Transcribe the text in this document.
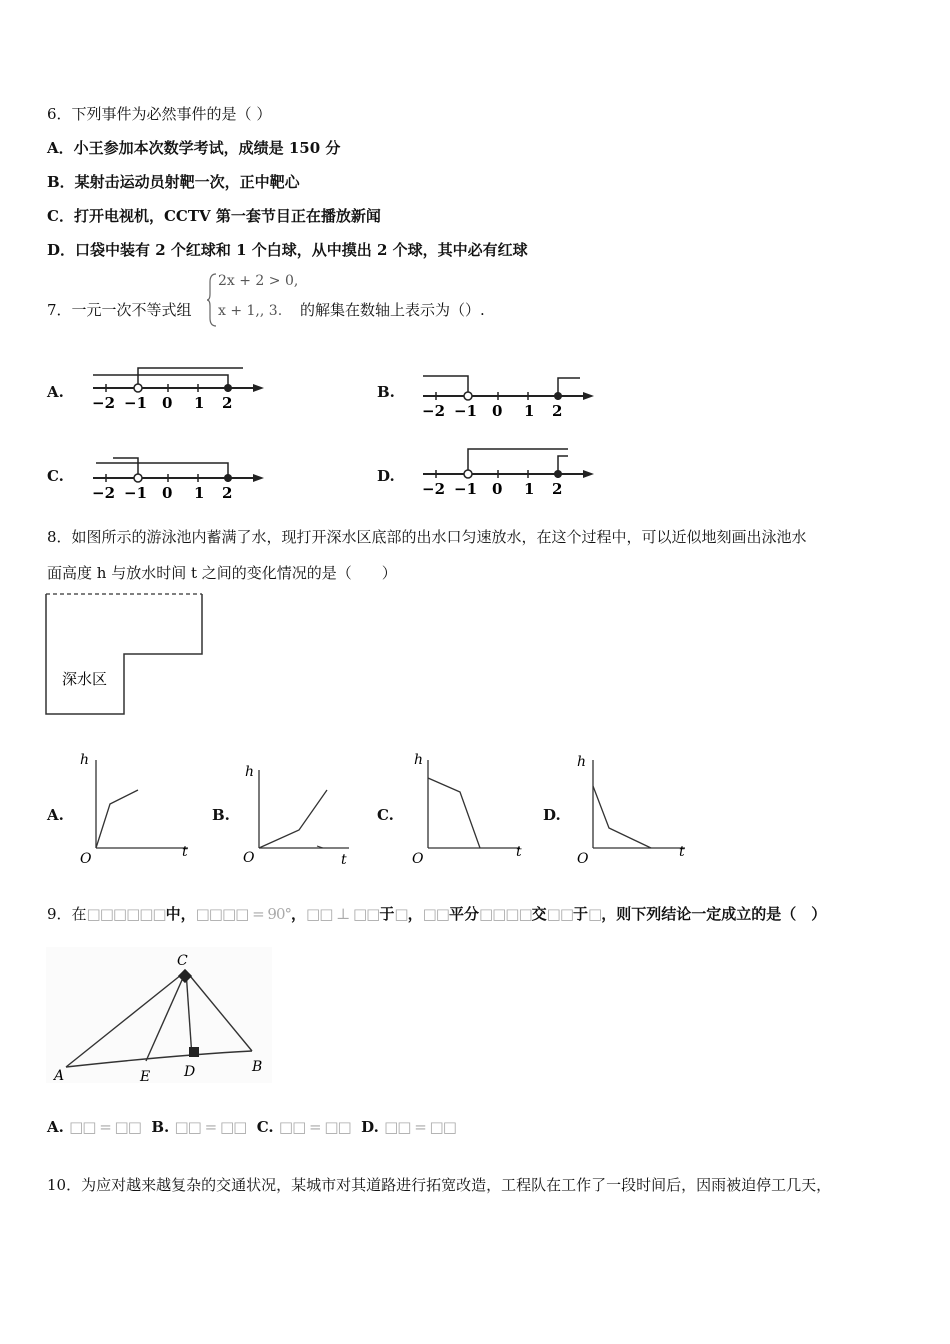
6．下列事件为必然事件的是（ ）
A．小王参加本次数学考试，成绩是 150 分
B．某射击运动员射靶一次，正中靶心
C．打开电视机，CCTV 第一套节目正在播放新闻
D．口袋中装有 2 个红球和 1 个白球，从中摸出 2 个球，其中必有红球
7．一元一次不等式组
2x + 2 > 0,
x + 1,, 3. 的解集在数轴上表示为（）.
A.	B.
C.	D.
−2 −1 0 1 2	−2 −1 0 1 2
−2 −1 0 1 2	−2 −1 0 1 2
8．如图所示的游泳池内蓄满了水，现打开深水区底部的出水口匀速放水，在这个过程中，可以近似地刻画出泳池水
面高度 h 与放水时间 t 之间的变化情况的是（　　）
深水区
A.	B.	C.	D.
h
t
O
h
t
O
h
t
O
h
t
O
9．在□□□□□□中，□□□□ = 90°，□□ ⊥ □□于□，□□平分□□□□交□□于□，则下列结论一定成立的是（　）
C
A	E D	B
A. □□ = □□ B. □□ = □□ C. □□ = □□ D. □□ = □□
10．为应对越来越复杂的交通状况，某城市对其道路进行拓宽改造，工程队在工作了一段时间后，因雨被迫停工几天，
